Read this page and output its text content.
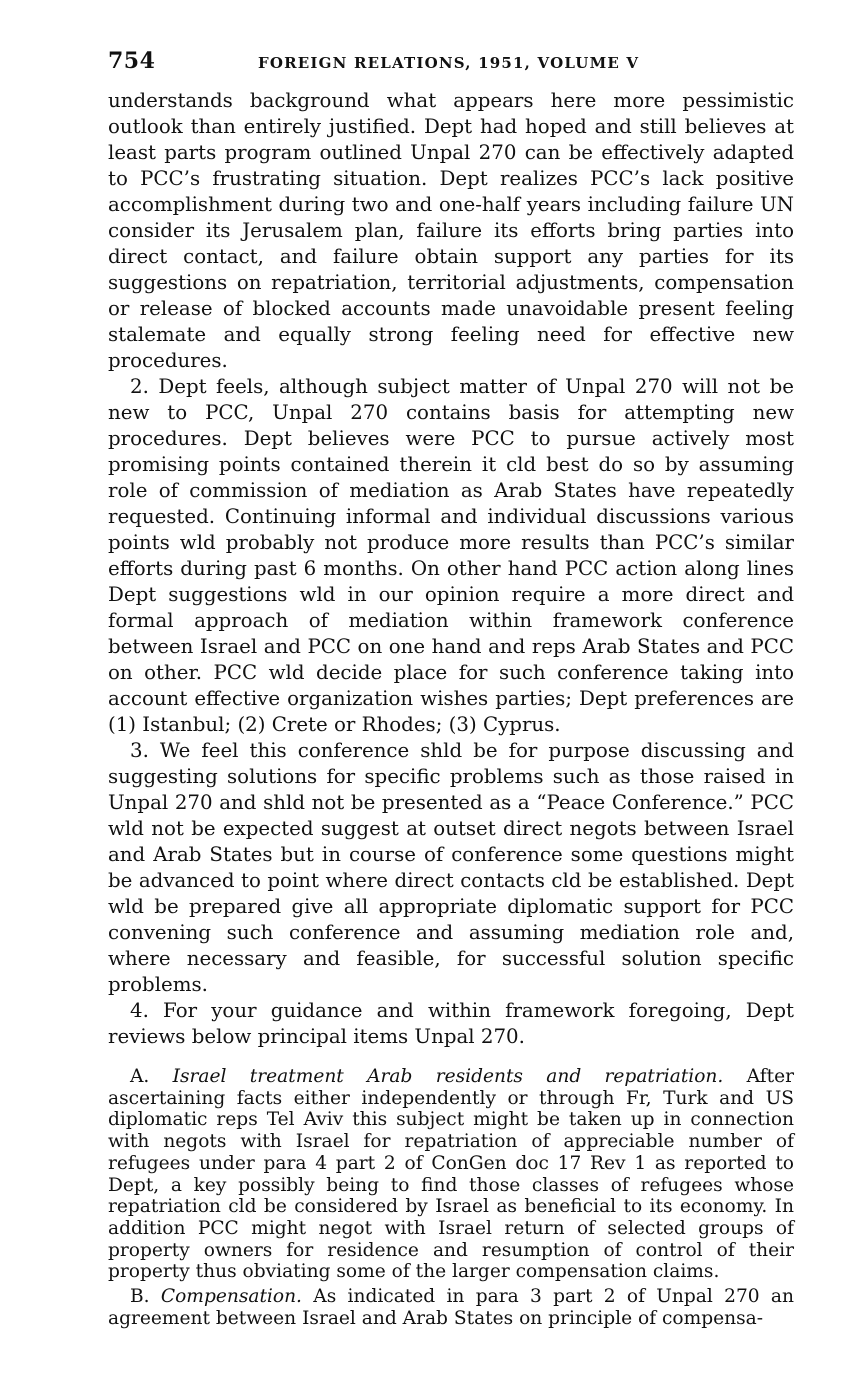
754	FOREIGN RELATIONS, 1951, VOLUME V

understands background what appears here more pessimistic outlook than entirely justified. Dept had hoped and still believes at least parts program outlined Unpal 270 can be effectively adapted to PCC’s frustrating situation. Dept realizes PCC’s lack positive accomplishment during two and one-half years including failure UN consider its Jerusalem plan, failure its efforts bring parties into direct contact, and failure obtain support any parties for its suggestions on repatriation, territorial adjustments, compensation or release of blocked accounts made unavoidable present feeling stalemate and equally strong feeling need for effective new procedures.

2. Dept feels, although subject matter of Unpal 270 will not be new to PCC, Unpal 270 contains basis for attempting new procedures. Dept believes were PCC to pursue actively most promising points contained therein it cld best do so by assuming role of commission of mediation as Arab States have repeatedly requested. Continuing informal and individual discussions various points wld probably not produce more results than PCC’s similar efforts during past 6 months. On other hand PCC action along lines Dept suggestions wld in our opinion require a more direct and formal approach of mediation within framework conference between Israel and PCC on one hand and reps Arab States and PCC on other. PCC wld decide place for such conference taking into account effective organization wishes parties; Dept preferences are (1) Istanbul; (2) Crete or Rhodes; (3) Cyprus.

3. We feel this conference shld be for purpose discussing and suggesting solutions for specific problems such as those raised in Unpal 270 and shld not be presented as a “Peace Conference.” PCC wld not be expected suggest at outset direct negots between Israel and Arab States but in course of conference some questions might be advanced to point where direct contacts cld be established. Dept wld be prepared give all appropriate diplomatic support for PCC convening such conference and assuming mediation role and, where necessary and feasible, for successful solution specific problems.

4. For your guidance and within framework foregoing, Dept reviews below principal items Unpal 270.

A. Israel treatment Arab residents and repatriation. After ascertaining facts either independently or through Fr, Turk and US diplomatic reps Tel Aviv this subject might be taken up in connection with negots with Israel for repatriation of appreciable number of refugees under para 4 part 2 of ConGen doc 17 Rev 1 as reported to Dept, a key possibly being to find those classes of refugees whose repatriation cld be considered by Israel as beneficial to its economy. In addition PCC might negot with Israel return of selected groups of property owners for residence and resumption of control of their property thus obviating some of the larger compensation claims.

B. Compensation. As indicated in para 3 part 2 of Unpal 270 an agreement between Israel and Arab States on principle of compensa-
